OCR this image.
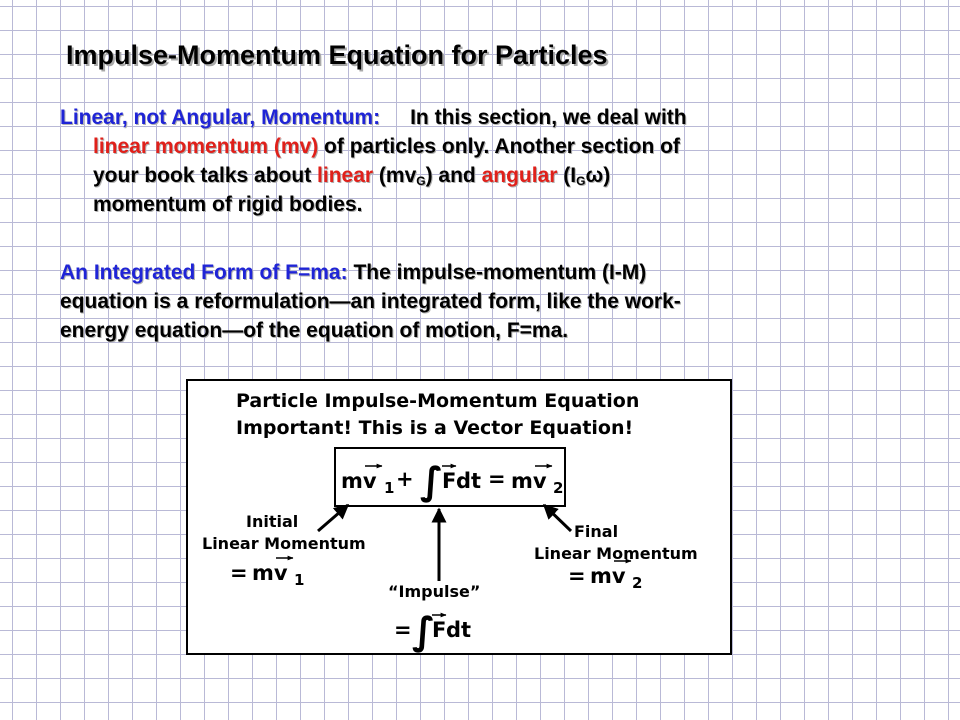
Impulse-Momentum Equation for Particles
Linear, not Angular, Momentum: In this section, we deal with
linear momentum (mv) of particles only. Another section of
your book talks about linear $(mv_G)$ and angular $(I_G\omega)$
momentum of rigid bodies.
An Integrated Form of F=ma: The impulse-momentum (I-M)
equation is a reformulation—an integrated form, like the work-
energy equation—of the equation of motion, F=ma.
Particle Impulse-Momentum Equation
Important! This is a Vector Equation!
mv 1 + ∫
F dt = mv 2
Initial
Linear Momentum
= mv 1
Final
Linear Momentum
= mv 2
“Impulse”
= ∫
F dt
